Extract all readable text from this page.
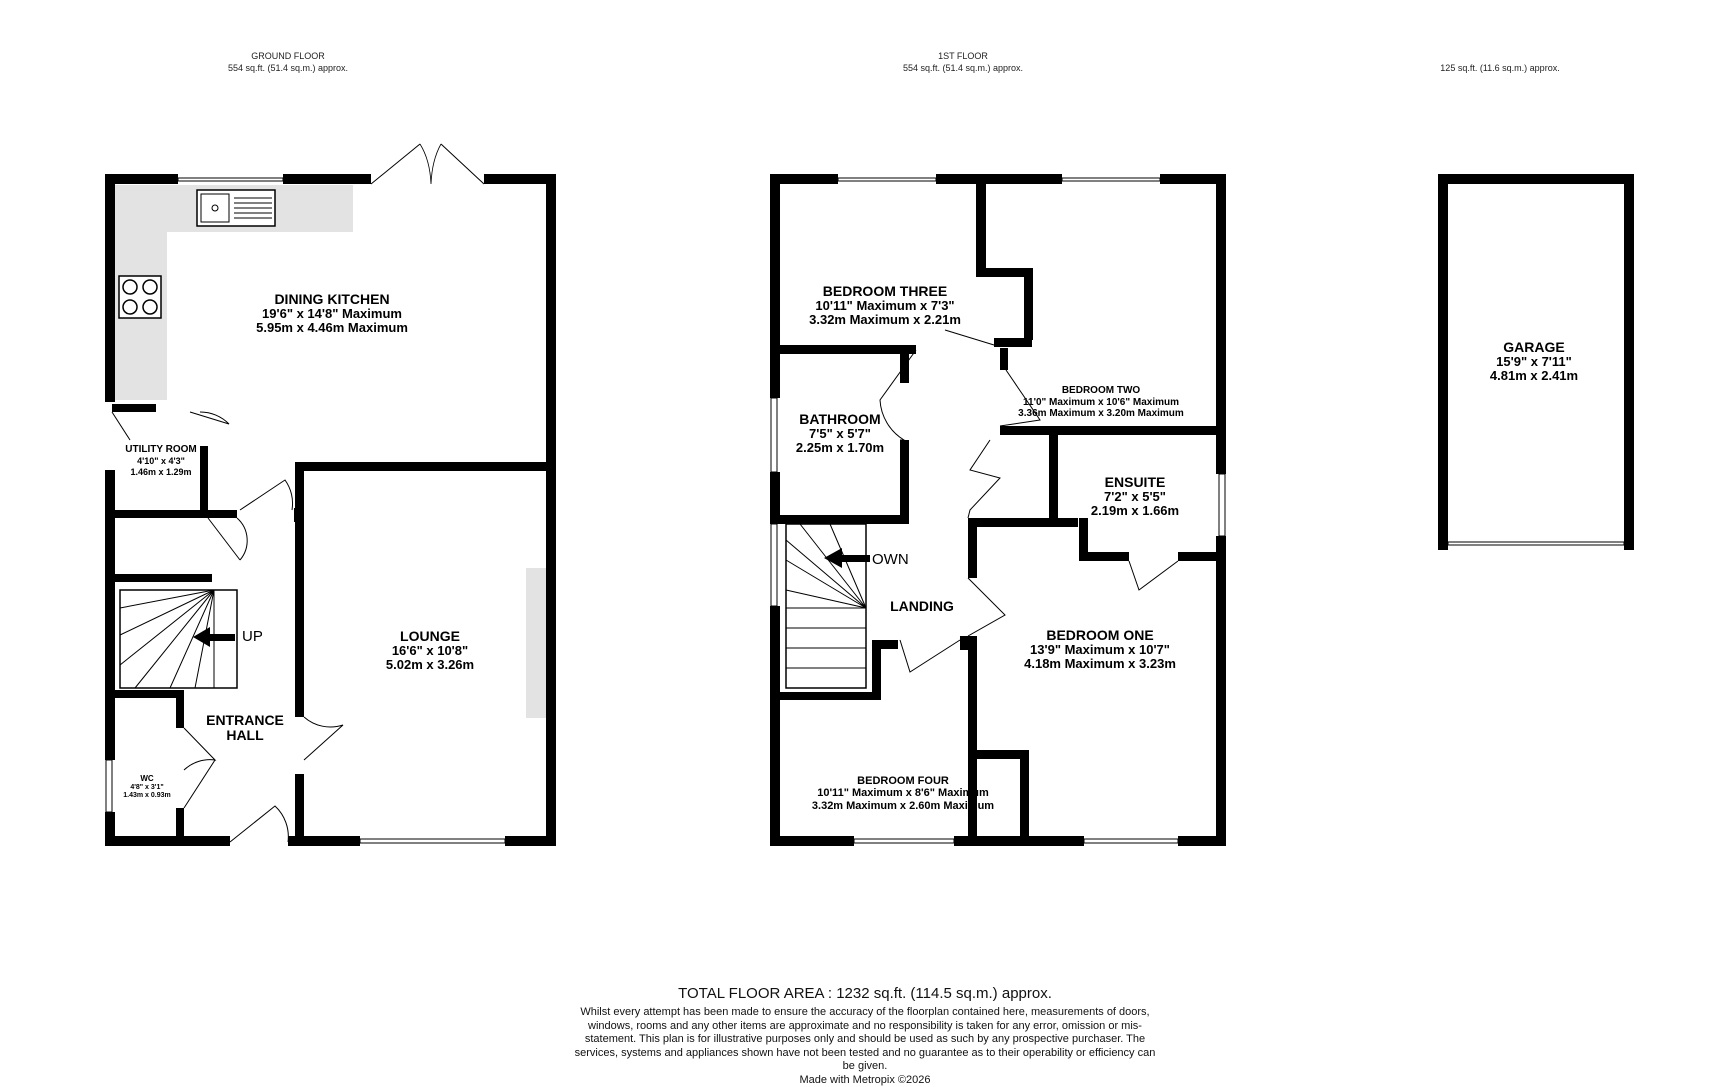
GROUND FLOOR
554 sq.ft. (51.4 sq.m.) approx.
1ST FLOOR
554 sq.ft. (51.4 sq.m.) approx.	125 sq.ft. (11.6 sq.m.) approx.
DINING KITCHEN
19'6" x 14'8" Maximum
5.95m x 4.46m Maximum
UTILITY ROOM
4'10" x 4'3"
1.46m x 1.29m
LOUNGE
16'6" x 10'8"
5.02m x 3.26m
ENTRANCE
HALL
WC
4'8" x 3'1"
1.43m x 0.93m
UP
BEDROOM THREE
10'11" Maximum x 7'3"
3.32m Maximum x 2.21m
BEDROOM TWO
11'0" Maximum x 10'6" Maximum
3.36m Maximum x 3.20m Maximum
BATHROOM
7'5" x 5'7"
2.25m x 1.70m
ENSUITE
7'2" x 5'5"
2.19m x 1.66m
OWN
LANDING
BEDROOM ONE
13'9" Maximum x 10'7"
4.18m Maximum x 3.23m
BEDROOM FOUR
10'11" Maximum x 8'6" Maximum
3.32m Maximum x 2.60m Maximum
GARAGE
15'9" x 7'11"
4.81m x 2.41m
TOTAL FLOOR AREA : 1232 sq.ft. (114.5 sq.m.) approx.
Whilst every attempt has been made to ensure the accuracy of the floorplan contained here, measurements of doors, windows, rooms and any other items are approximate and no responsibility is taken for any error, omission or mis-statement. This plan is for illustrative purposes only and should be used as such by any prospective purchaser. The services, systems and appliances shown have not been tested and no guarantee as to their operability or efficiency can be given.
Made with Metropix ©2026
